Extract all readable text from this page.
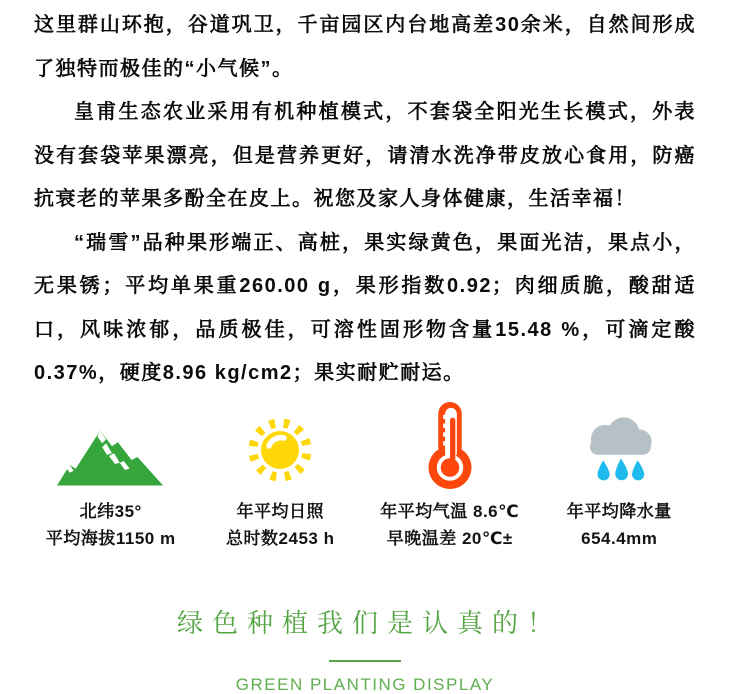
这里群山环抱，谷道巩卫，千亩园区内台地高差30余米，自然间形成了独特而极佳的“小气候”。

皇甫生态农业采用有机种植模式，不套袋全阳光生长模式，外表没有套袋苹果漂亮，但是营养更好，请清水洗净带皮放心食用，防癌抗衰老的苹果多酚全在皮上。祝您及家人身体健康，生活幸福！

“瑞雪”品种果形端正、高桩，果实绿黄色，果面光洁，果点小，无果锈；平均单果重260.00 g，果形指数0.92；肉细质脆，酸甜适口，风味浓郁，品质极佳，可溶性固形物含量15.48 %，可滴定酸0.37%，硬度8.96 kg/cm2；果实耐贮耐运。

北纬35°
平均海拔1150 m
年平均日照
总时数2453 h
年平均气温 8.6℃
早晚温差 20℃±
年平均降水量
654.4mm
绿色种植我们是认真的！
GREEN PLANTING DISPLAY
